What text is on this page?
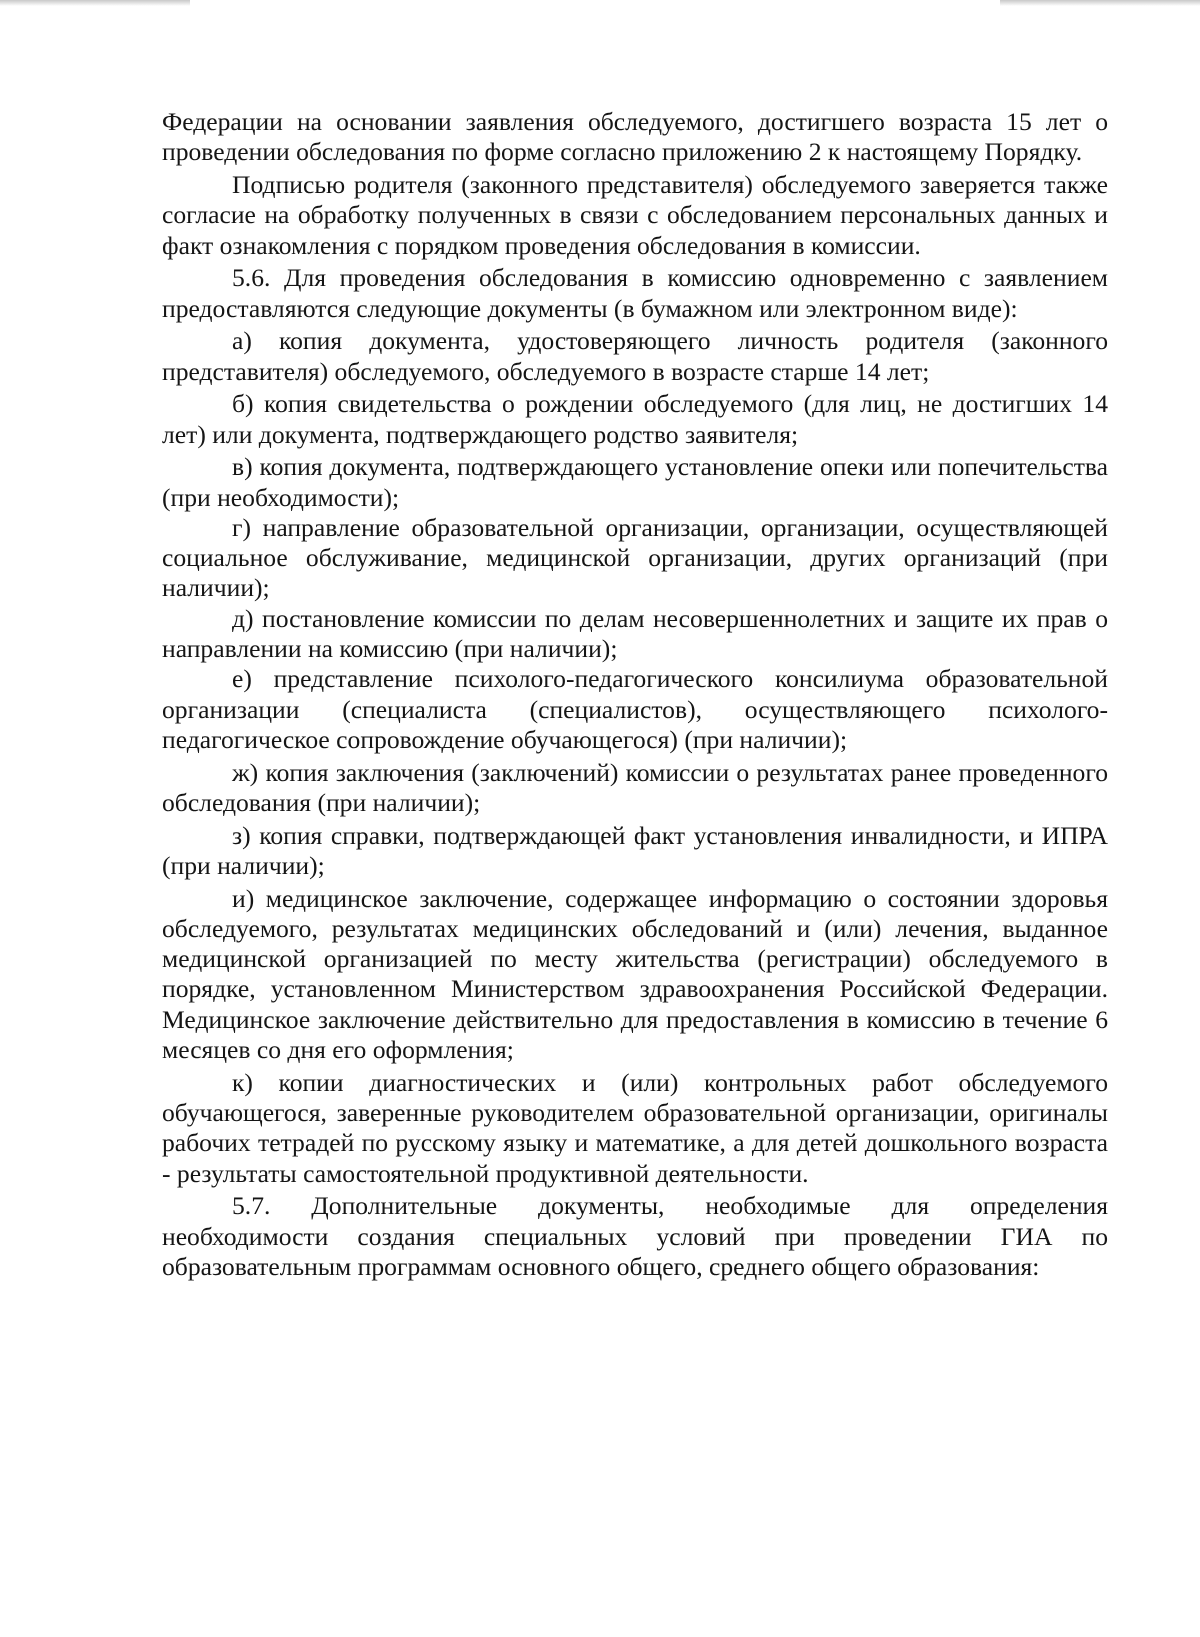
Федерации на основании заявления обследуемого, достигшего возраста 15 лет о проведении обследования по форме согласно приложению 2 к настоящему Порядку.

Подписью родителя (законного представителя) обследуемого заверяется также согласие на обработку полученных в связи с обследованием персональных данных и факт ознакомления с порядком проведения обследования в комиссии.

5.6. Для проведения обследования в комиссию одновременно с заявлением предоставляются следующие документы (в бумажном или электронном виде):

а) копия документа, удостоверяющего личность родителя (законного представителя) обследуемого, обследуемого в возрасте старше 14 лет;

б) копия свидетельства о рождении обследуемого (для лиц, не достигших 14 лет) или документа, подтверждающего родство заявителя;

в) копия документа, подтверждающего установление опеки или попечительства (при необходимости);

г) направление образовательной организации, организации, осуществляющей социальное обслуживание, медицинской организации, других организаций (при наличии);

д) постановление комиссии по делам несовершеннолетних и защите их прав о направлении на комиссию (при наличии);

е) представление психолого-педагогического консилиума образовательной организации (специалиста (специалистов), осуществляющего психолого-педагогическое сопровождение обучающегося) (при наличии);

ж) копия заключения (заключений) комиссии о результатах ранее проведенного обследования (при наличии);

з) копия справки, подтверждающей факт установления инвалидности, и ИПРА (при наличии);

и) медицинское заключение, содержащее информацию о состоянии здоровья обследуемого, результатах медицинских обследований и (или) лечения, выданное медицинской организацией по месту жительства (регистрации) обследуемого в порядке, установленном Министерством здравоохранения Российской Федерации. Медицинское заключение действительно для предоставления в комиссию в течение 6 месяцев со дня его оформления;

к) копии диагностических и (или) контрольных работ обследуемого обучающегося, заверенные руководителем образовательной организации, оригиналы рабочих тетрадей по русскому языку и математике, а для детей дошкольного возраста - результаты самостоятельной продуктивной деятельности.

5.7. Дополнительные документы, необходимые для определения необходимости создания специальных условий при проведении ГИА по образовательным программам основного общего, среднего общего образования:
